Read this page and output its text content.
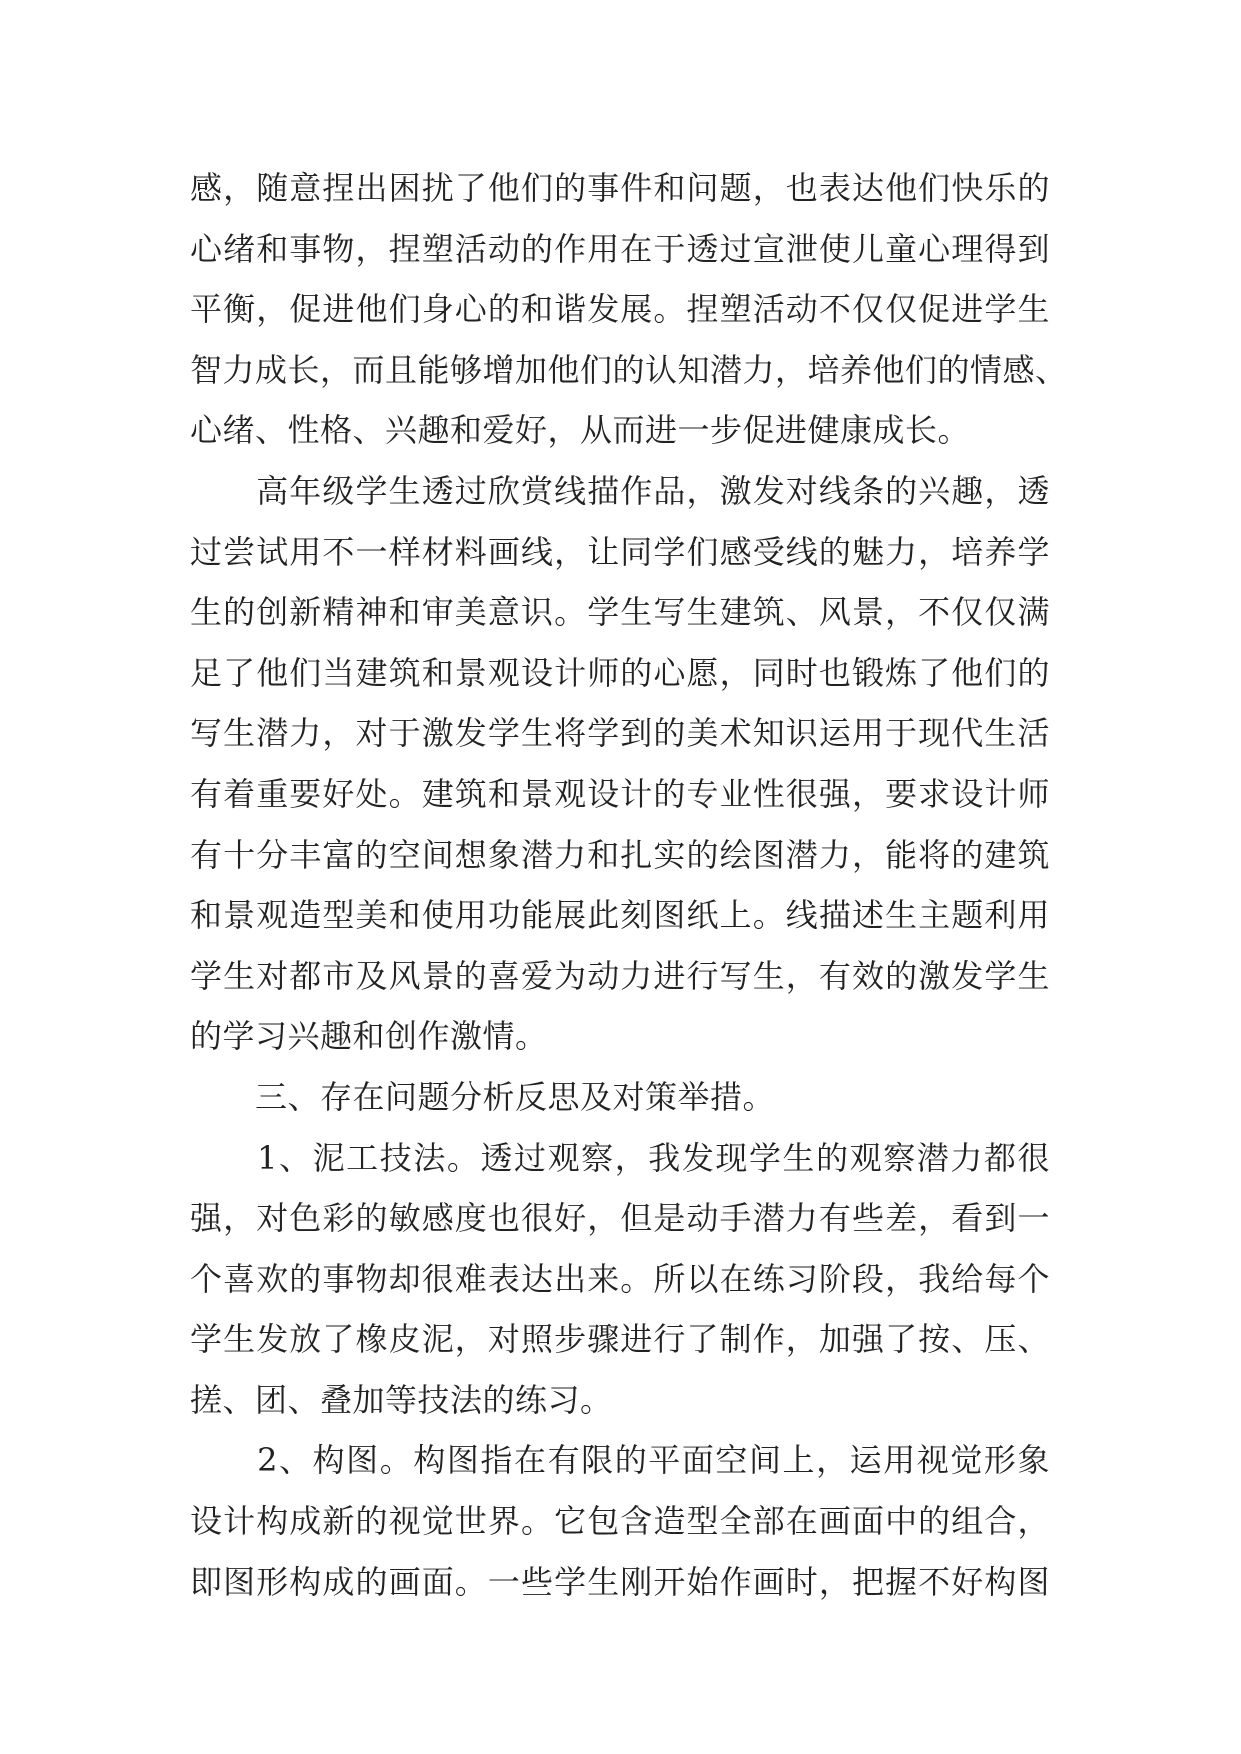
感，随意捏出困扰了他们的事件和问题，也表达他们快乐的
心绪和事物，捏塑活动的作用在于透过宣泄使儿童心理得到
平衡，促进他们身心的和谐发展。捏塑活动不仅仅促进学生
智力成长，而且能够增加他们的认知潜力，培养他们的情感、
心绪、性格、兴趣和爱好，从而进一步促进健康成长。
　　高年级学生透过欣赏线描作品，激发对线条的兴趣，透
过尝试用不一样材料画线，让同学们感受线的魅力，培养学
生的创新精神和审美意识。学生写生建筑、风景，不仅仅满
足了他们当建筑和景观设计师的心愿，同时也锻炼了他们的
写生潜力，对于激发学生将学到的美术知识运用于现代生活
有着重要好处。建筑和景观设计的专业性很强，要求设计师
有十分丰富的空间想象潜力和扎实的绘图潜力，能将的建筑
和景观造型美和使用功能展此刻图纸上。线描述生主题利用
学生对都市及风景的喜爱为动力进行写生，有效的激发学生
的学习兴趣和创作激情。
　　三、存在问题分析反思及对策举措。
　　1、泥工技法。透过观察，我发现学生的观察潜力都很
强，对色彩的敏感度也很好，但是动手潜力有些差，看到一
个喜欢的事物却很难表达出来。所以在练习阶段，我给每个
学生发放了橡皮泥，对照步骤进行了制作，加强了按、压、
搓、团、叠加等技法的练习。
　　2、构图。构图指在有限的平面空间上，运用视觉形象
设计构成新的视觉世界。它包含造型全部在画面中的组合，
即图形构成的画面。一些学生刚开始作画时，把握不好构图
